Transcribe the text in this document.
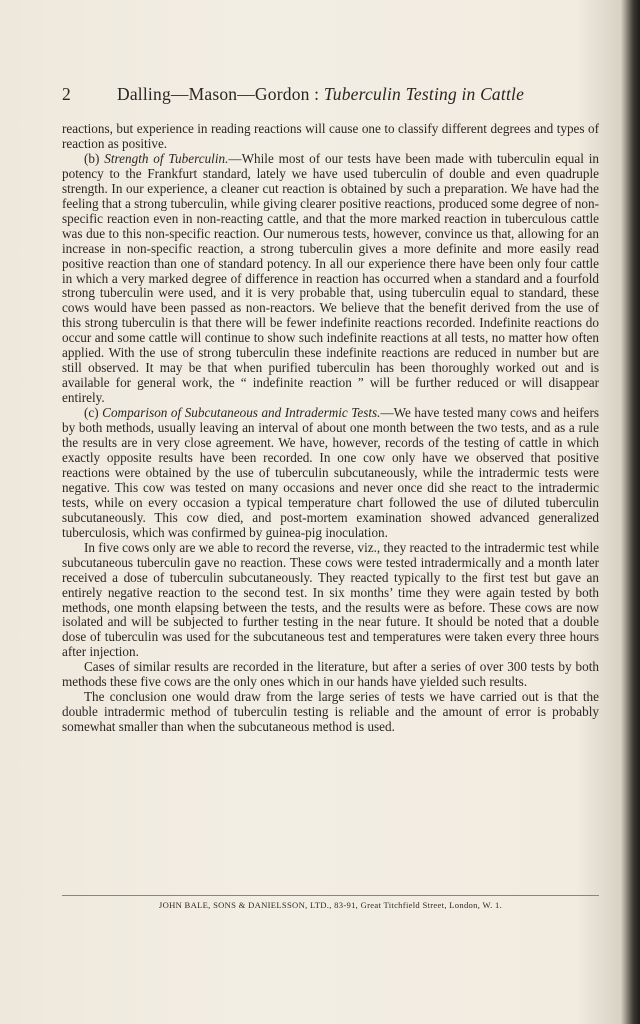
2	Dalling—Mason—Gordon : Tuberculin Testing in Cattle

reactions, but experience in reading reactions will cause one to classify different degrees and types of reaction as positive.

(b) Strength of Tuberculin.—While most of our tests have been made with tuberculin equal in potency to the Frankfurt standard, lately we have used tuberculin of double and even quadruple strength. In our experience, a cleaner cut reaction is obtained by such a preparation. We have had the feeling that a strong tuberculin, while giving clearer positive reactions, produced some degree of non-specific reaction even in non-reacting cattle, and that the more marked reaction in tuberculous cattle was due to this non-specific reaction. Our numerous tests, however, convince us that, allowing for an increase in non-specific reaction, a strong tuberculin gives a more definite and more easily read positive reaction than one of standard potency. In all our experience there have been only four cattle in which a very marked degree of difference in reaction has occurred when a standard and a fourfold strong tuberculin were used, and it is very probable that, using tuberculin equal to standard, these cows would have been passed as non-reactors. We believe that the benefit derived from the use of this strong tuberculin is that there will be fewer indefinite reactions recorded. Indefinite reactions do occur and some cattle will continue to show such indefinite reactions at all tests, no matter how often applied. With the use of strong tuberculin these indefinite reactions are reduced in number but are still observed. It may be that when purified tuberculin has been thoroughly worked out and is available for general work, the “ indefinite reaction ” will be further reduced or will disappear entirely.

(c) Comparison of Subcutaneous and Intradermic Tests.—We have tested many cows and heifers by both methods, usually leaving an interval of about one month between the two tests, and as a rule the results are in very close agreement. We have, however, records of the testing of cattle in which exactly opposite results have been recorded. In one cow only have we observed that positive reactions were obtained by the use of tuberculin subcutaneously, while the intradermic tests were negative. This cow was tested on many occasions and never once did she react to the intradermic tests, while on every occasion a typical temperature chart followed the use of diluted tuberculin subcutaneously. This cow died, and post-mortem examination showed advanced generalized tuberculosis, which was confirmed by guinea-pig inoculation.

In five cows only are we able to record the reverse, viz., they reacted to the intradermic test while subcutaneous tuberculin gave no reaction. These cows were tested intradermically and a month later received a dose of tuberculin subcutaneously. They reacted typically to the first test but gave an entirely negative reaction to the second test. In six months’ time they were again tested by both methods, one month elapsing between the tests, and the results were as before. These cows are now isolated and will be subjected to further testing in the near future. It should be noted that a double dose of tuberculin was used for the subcutaneous test and temperatures were taken every three hours after injection.

Cases of similar results are recorded in the literature, but after a series of over 300 tests by both methods these five cows are the only ones which in our hands have yielded such results.

The conclusion one would draw from the large series of tests we have carried out is that the double intradermic method of tuberculin testing is reliable and the amount of error is probably somewhat smaller than when the subcutaneous method is used.

JOHN BALE, SONS & DANIELSSON, LTD., 83-91, Great Titchfield Street, London, W. 1.
